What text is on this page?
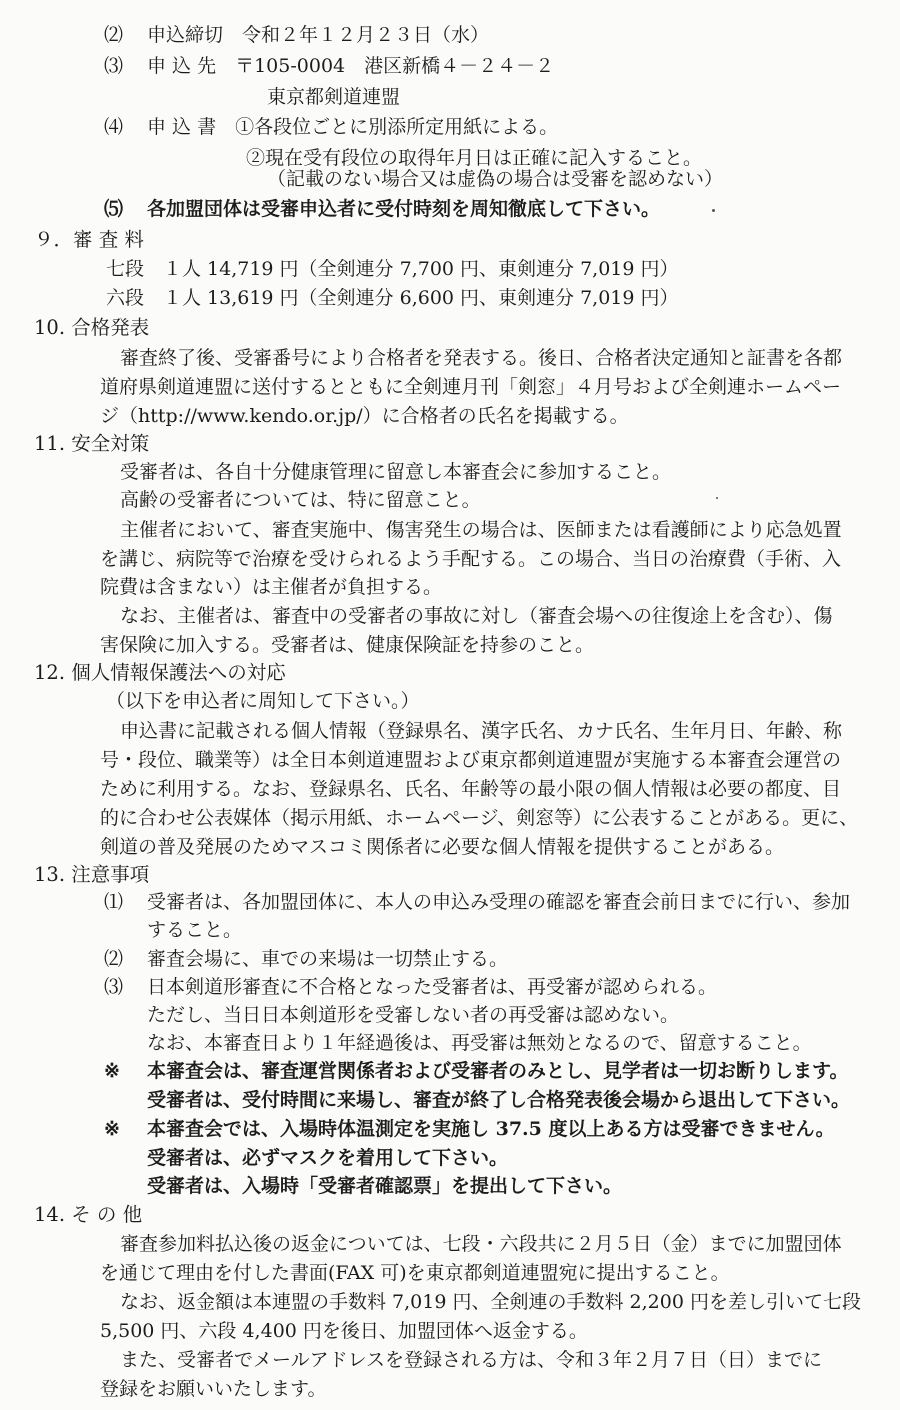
⑵ 申込締切　令和２年１２月２３日（水）

⑶ 申 込 先　〒105-0004　港区新橋４－２４－２

東京都剣道連盟

⑷ 申 込 書　①各段位ごとに別添所定用紙による。

②現在受有段位の取得年月日は正確に記入すること。

（記載のない場合又は虚偽の場合は受審を認めない）

⑸ 各加盟団体は受審申込者に受付時刻を周知徹底して下さい。

９．審 査 料

七段　１人 14,719 円（全剣連分 7,700 円、東剣連分 7,019 円）

六段　１人 13,619 円（全剣連分 6,600 円、東剣連分 7,019 円）

10. 合格発表

審査終了後、受審番号により合格者を発表する。後日、合格者決定通知と証書を各都

道府県剣道連盟に送付するとともに全剣連月刊「剣窓」４月号および全剣連ホームペー

ジ（http://www.kendo.or.jp/）に合格者の氏名を掲載する。

11. 安全対策

受審者は、各自十分健康管理に留意し本審査会に参加すること。

高齢の受審者については、特に留意こと。

主催者において、審査実施中、傷害発生の場合は、医師または看護師により応急処置

を講じ、病院等で治療を受けられるよう手配する。この場合、当日の治療費（手術、入

院費は含まない）は主催者が負担する。

なお、主催者は、審査中の受審者の事故に対し（審査会場への往復途上を含む）、傷

害保険に加入する。受審者は、健康保険証を持参のこと。

12. 個人情報保護法への対応

（以下を申込者に周知して下さい。）

申込書に記載される個人情報（登録県名、漢字氏名、カナ氏名、生年月日、年齢、称

号・段位、職業等）は全日本剣道連盟および東京都剣道連盟が実施する本審査会運営の

ために利用する。なお、登録県名、氏名、年齢等の最小限の個人情報は必要の都度、目

的に合わせ公表媒体（掲示用紙、ホームページ、剣窓等）に公表することがある。更に、

剣道の普及発展のためマスコミ関係者に必要な個人情報を提供することがある。

13. 注意事項

⑴ 受審者は、各加盟団体に、本人の申込み受理の確認を審査会前日までに行い、参加

すること。

⑵ 審査会場に、車での来場は一切禁止する。

⑶ 日本剣道形審査に不合格となった受審者は、再受審が認められる。

ただし、当日日本剣道形を受審しない者の再受審は認めない。

なお、本審査日より１年経過後は、再受審は無効となるので、留意すること。

※ 本審査会は、審査運営関係者および受審者のみとし、見学者は一切お断りします。

受審者は、受付時間に来場し、審査が終了し合格発表後会場から退出して下さい。

※ 本審査会では、入場時体温測定を実施し 37.5 度以上ある方は受審できません。

受審者は、必ずマスクを着用して下さい。

受審者は、入場時「受審者確認票」を提出して下さい。

14. そ の 他

審査参加料払込後の返金については、七段・六段共に２月５日（金）までに加盟団体

を通じて理由を付した書面(FAX 可)を東京都剣道連盟宛に提出すること。

なお、返金額は本連盟の手数料 7,019 円、全剣連の手数料 2,200 円を差し引いて七段

5,500 円、六段 4,400 円を後日、加盟団体へ返金する。

また、受審者でメールアドレスを登録される方は、令和３年２月７日（日）までに

登録をお願いいたします。
